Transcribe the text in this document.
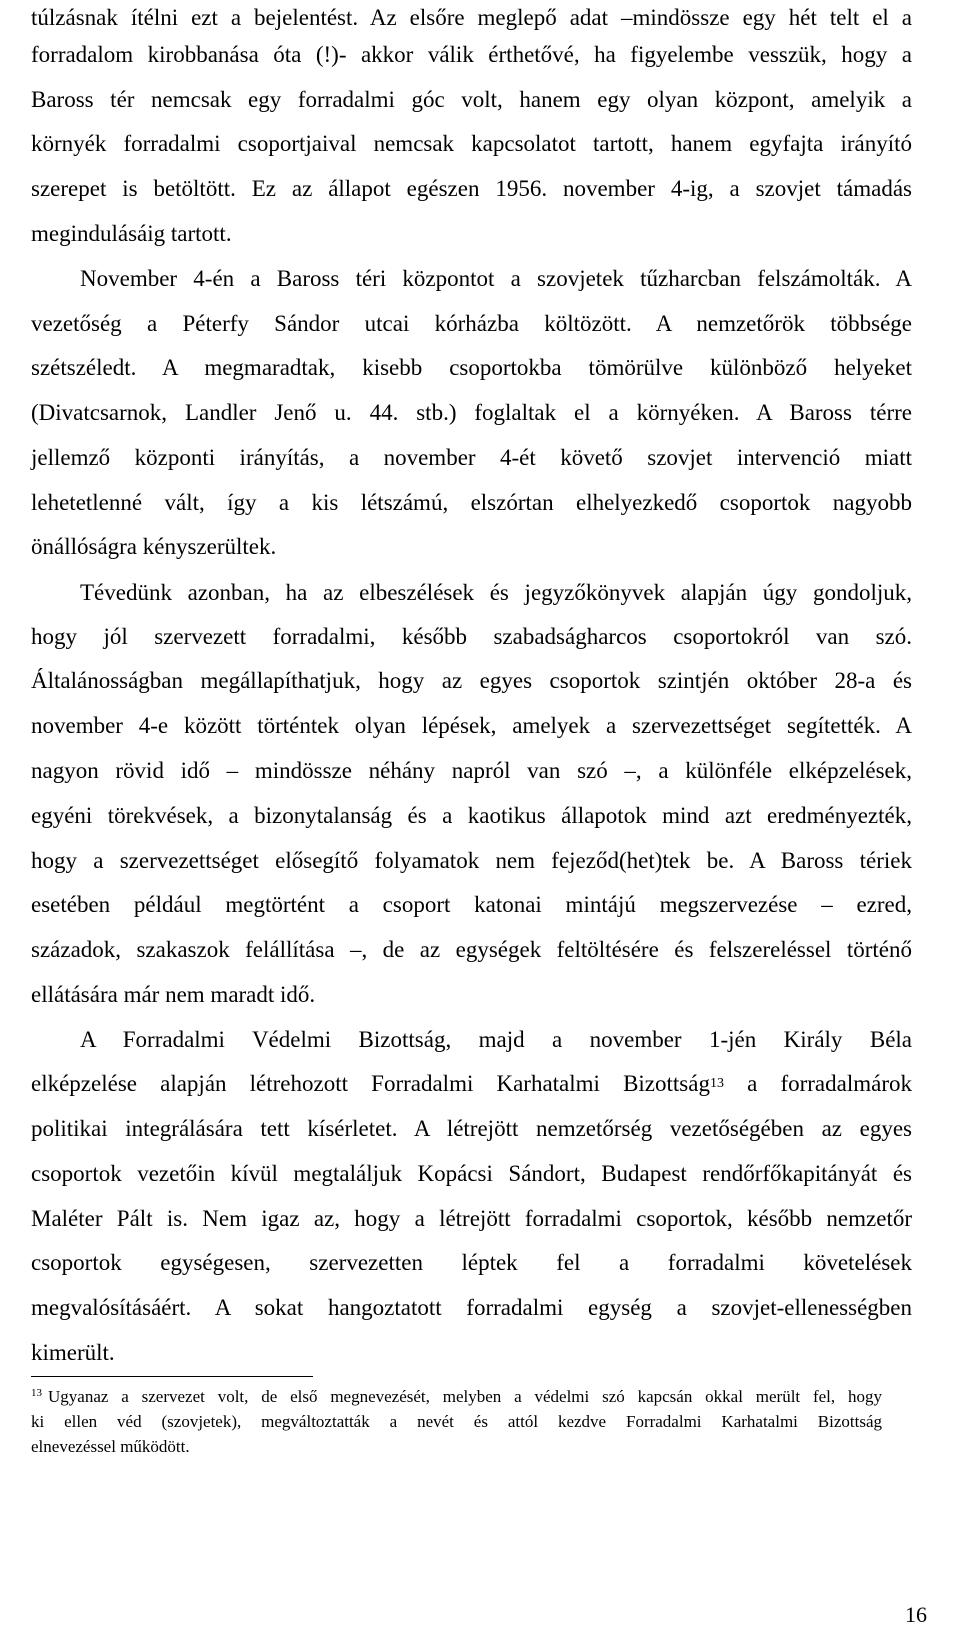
túlzásnak ítélni ezt a bejelentést. Az elsőre meglepő adat –mindössze egy hét telt el a
forradalom kirobbanása óta (!)- akkor válik érthetővé, ha figyelembe vesszük, hogy a
Baross tér nemcsak egy forradalmi góc volt, hanem egy olyan központ, amelyik a
környék forradalmi csoportjaival nemcsak kapcsolatot tartott, hanem egyfajta irányító
szerepet is betöltött. Ez az állapot egészen 1956. november 4-ig, a szovjet támadás
megindulásáig tartott.
November 4-én a Baross téri központot a szovjetek tűzharcban felszámolták. A
vezetőség a Péterfy Sándor utcai kórházba költözött. A nemzetőrök többsége
szétszéledt. A megmaradtak, kisebb csoportokba tömörülve különböző helyeket
(Divatcsarnok, Landler Jenő u. 44. stb.) foglaltak el a környéken. A Baross térre
jellemző központi irányítás, a november 4-ét követő szovjet intervenció miatt
lehetetlenné vált, így a kis létszámú, elszórtan elhelyezkedő csoportok nagyobb
önállóságra kényszerültek.
Tévedünk azonban, ha az elbeszélések és jegyzőkönyvek alapján úgy gondoljuk,
hogy jól szervezett forradalmi, később szabadságharcos csoportokról van szó.
Általánosságban megállapíthatjuk, hogy az egyes csoportok szintjén október 28-a és
november 4-e között történtek olyan lépések, amelyek a szervezettséget segítették. A
nagyon rövid idő – mindössze néhány napról van szó –, a különféle elképzelések,
egyéni törekvések, a bizonytalanság és a kaotikus állapotok mind azt eredményezték,
hogy a szervezettséget elősegítő folyamatok nem fejeződ(het)tek be. A Baross tériek
esetében például megtörtént a csoport katonai mintájú megszervezése – ezred,
századok, szakaszok felállítása –, de az egységek feltöltésére és felszereléssel történő
ellátására már nem maradt idő.
A Forradalmi Védelmi Bizottság, majd a november 1-jén Király Béla
elképzelése alapján létrehozott Forradalmi Karhatalmi Bizottság$^{13}$ a forradalmárok
politikai integrálására tett kísérletet. A létrejött nemzetőrség vezetőségében az egyes
csoportok vezetőin kívül megtaláljuk Kopácsi Sándort, Budapest rendőrfőkapitányát és
Maléter Pált is. Nem igaz az, hogy a létrejött forradalmi csoportok, később nemzetőr
csoportok egységesen, szervezetten léptek fel a forradalmi követelések
megvalósításáért. A sokat hangoztatott forradalmi egység a szovjet-ellenességben
kimerült.
$^{13}$ Ugyanaz a szervezet volt, de első megnevezését, melyben a védelmi szó kapcsán okkal merült fel, hogy
ki ellen véd (szovjetek), megváltoztatták a nevét és attól kezdve Forradalmi Karhatalmi Bizottság
elnevezéssel működött.
16
